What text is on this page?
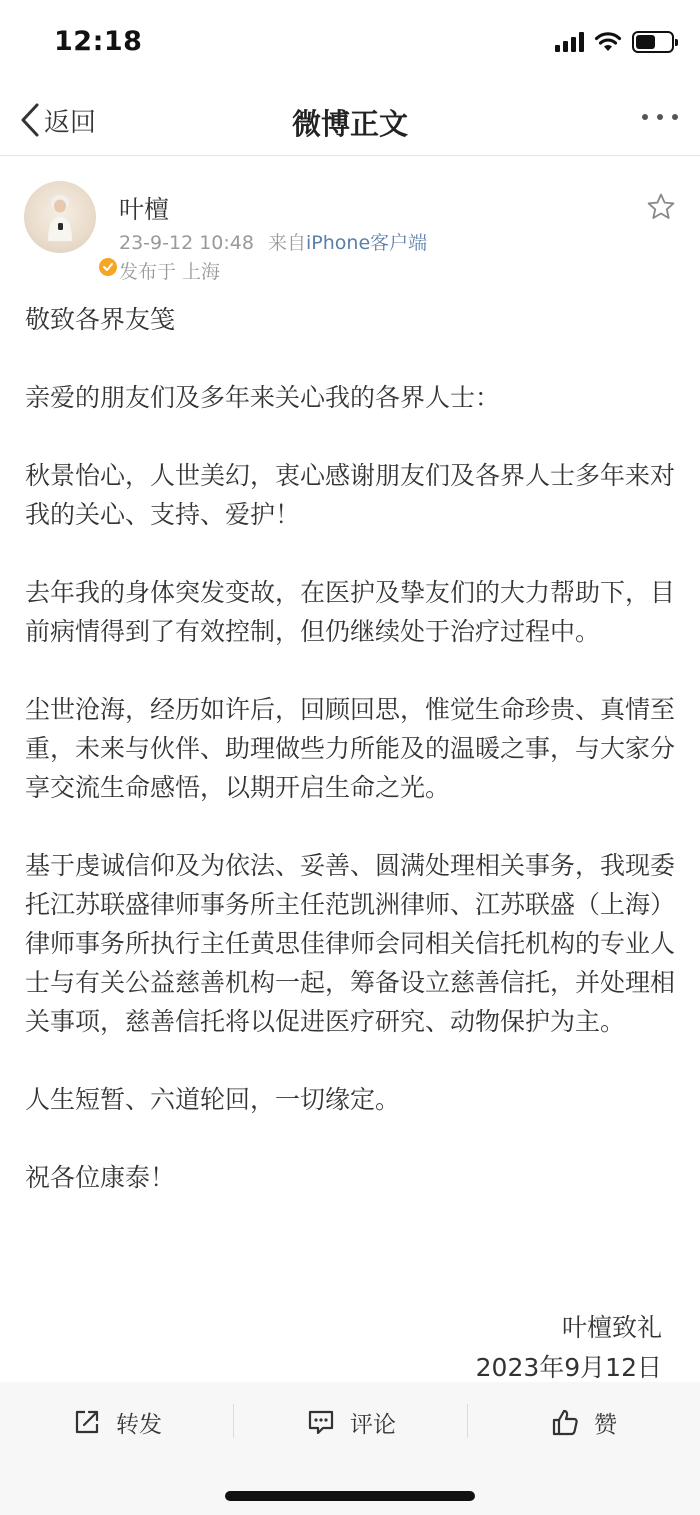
12:18
返回	微博正文
叶檀
23-9-12 10:48 来自iPhone客户端
发布于 上海

敬致各界友笺

亲爱的朋友们及多年来关心我的各界人士：

秋景怡心，人世美幻，衷心感谢朋友们及各界人士多年来对我的关心、支持、爱护！

去年我的身体突发变故，在医护及挚友们的大力帮助下，目前病情得到了有效控制，但仍继续处于治疗过程中。

尘世沧海，经历如许后，回顾回思，惟觉生命珍贵、真情至重，未来与伙伴、助理做些力所能及的温暖之事，与大家分享交流生命感悟，以期开启生命之光。

基于虔诚信仰及为依法、妥善、圆满处理相关事务，我现委托江苏联盛律师事务所主任范凯洲律师、江苏联盛（上海）律师事务所执行主任黄思佳律师会同相关信托机构的专业人士与有关公益慈善机构一起，筹备设立慈善信托，并处理相关事项，慈善信托将以促进医疗研究、动物保护为主。

人生短暂、六道轮回，一切缘定。

祝各位康泰！

叶檀致礼
2023年9月12日
转发	评论	赞
